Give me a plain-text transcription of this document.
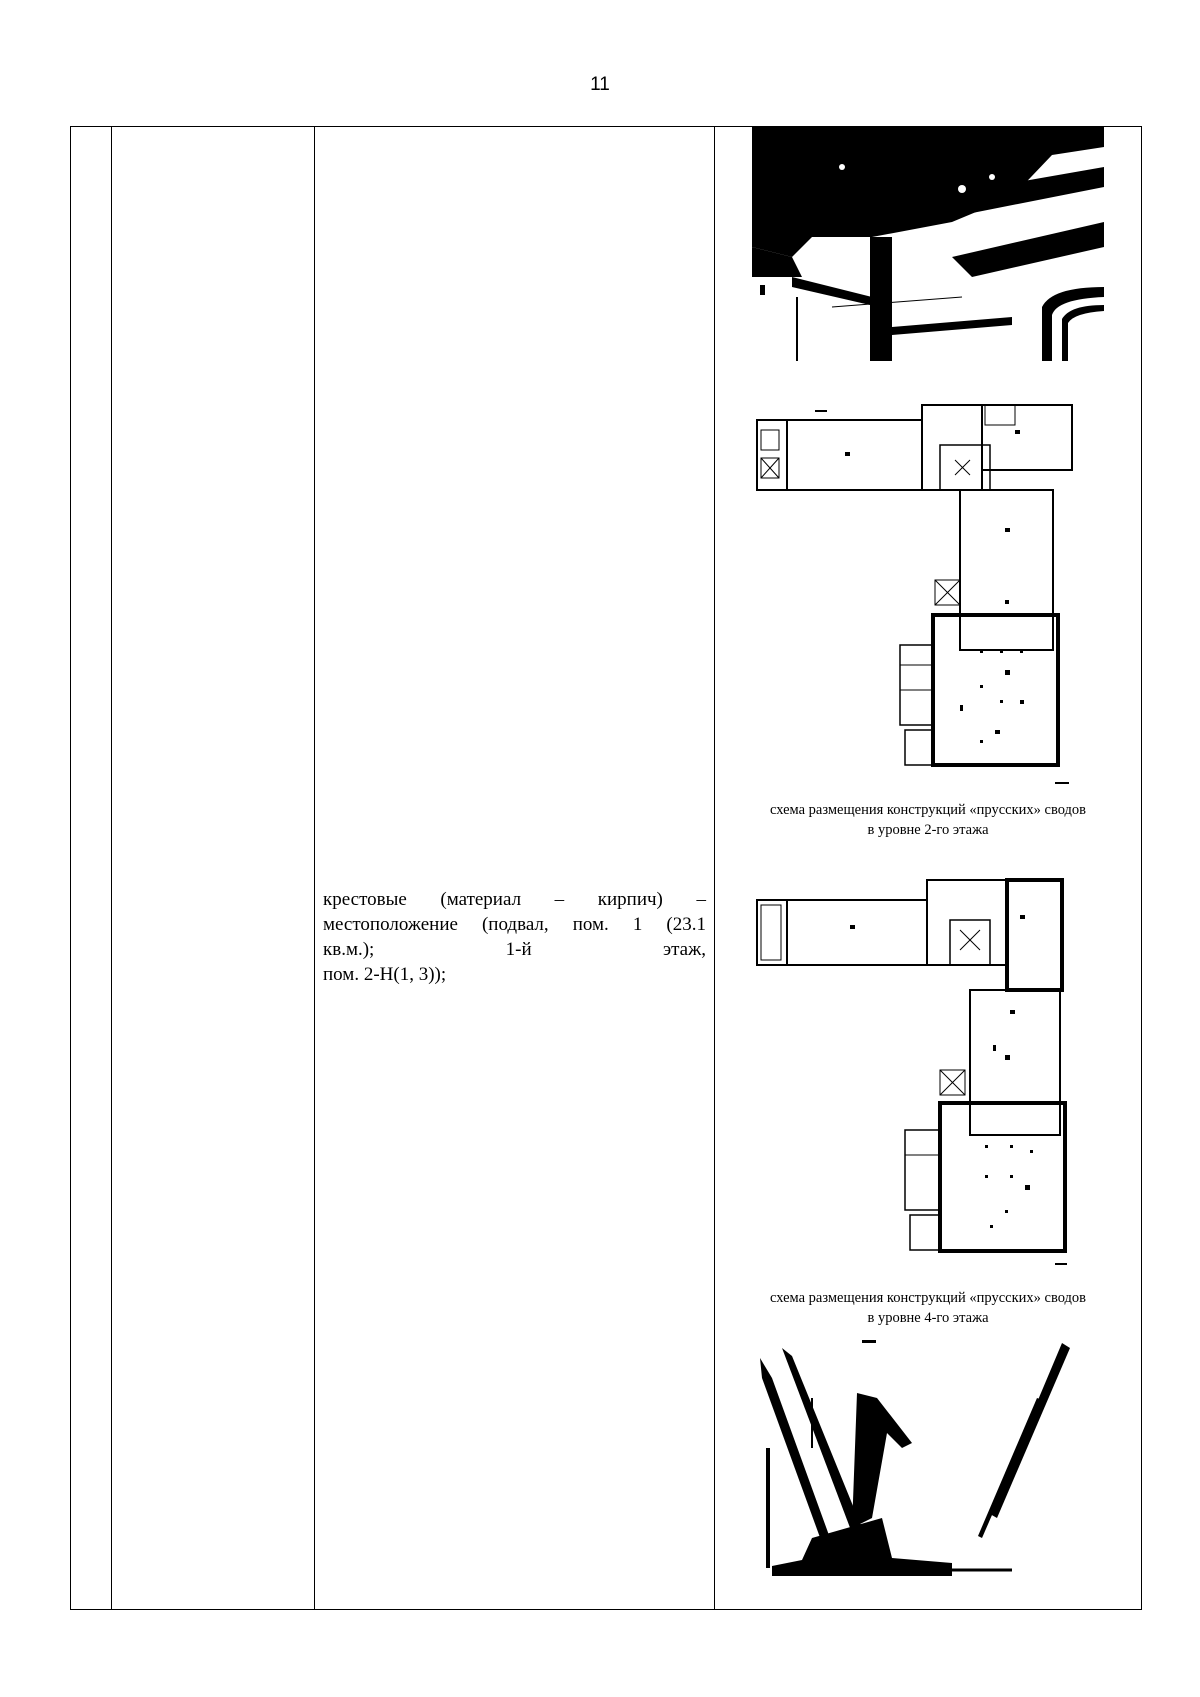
11
крестовые (материал – кирпич) –
местоположение (подвал, пом. 1 (23.1
кв.м.);	1-й	этаж,
пом. 2-Н(1, 3));
схема размещения конструкций «прусских» сводов
в уровне 2-го этажа
схема размещения конструкций «прусских» сводов
в уровне 4-го этажа
